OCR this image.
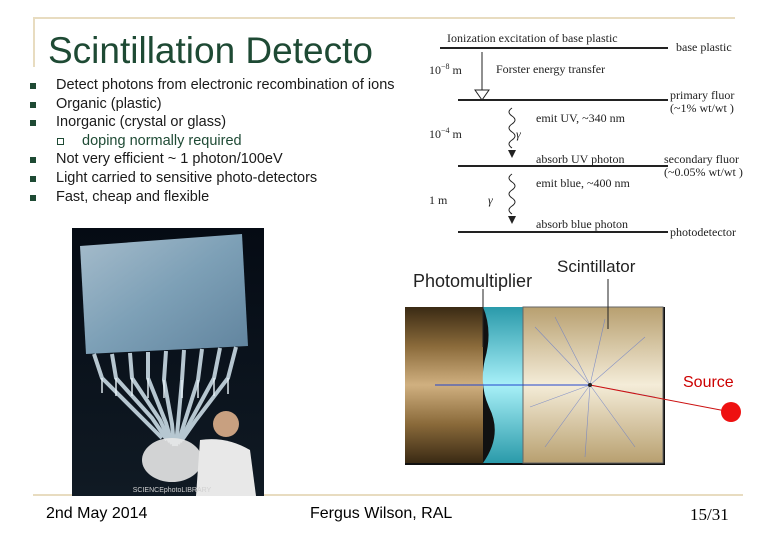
Scintillation Detecto
Detect photons from electronic recombination of ions
Organic (plastic)
Inorganic (crystal or glass)
doping normally required
Not very efficient ~ 1 photon/100eV
Light carried to sensitive photo-detectors
Fast, cheap and flexible
SCIENCEphotoLIBRARY
Ionization excitation of base plastic
base plastic
$10^{-8}$ m	Forster energy transfer
primary fluor
(~1% wt/wt )
γ
$10^{-4}$ m
emit UV, ~340 nm
absorb UV photon	secondary fluor
(~0.05% wt/wt )
emit blue, ~400 nm
γ
1 m
absorb blue photon
photodetector
Photomultiplier
Scintillator
Source
2nd May 2014	Fergus Wilson, RAL	15/31
